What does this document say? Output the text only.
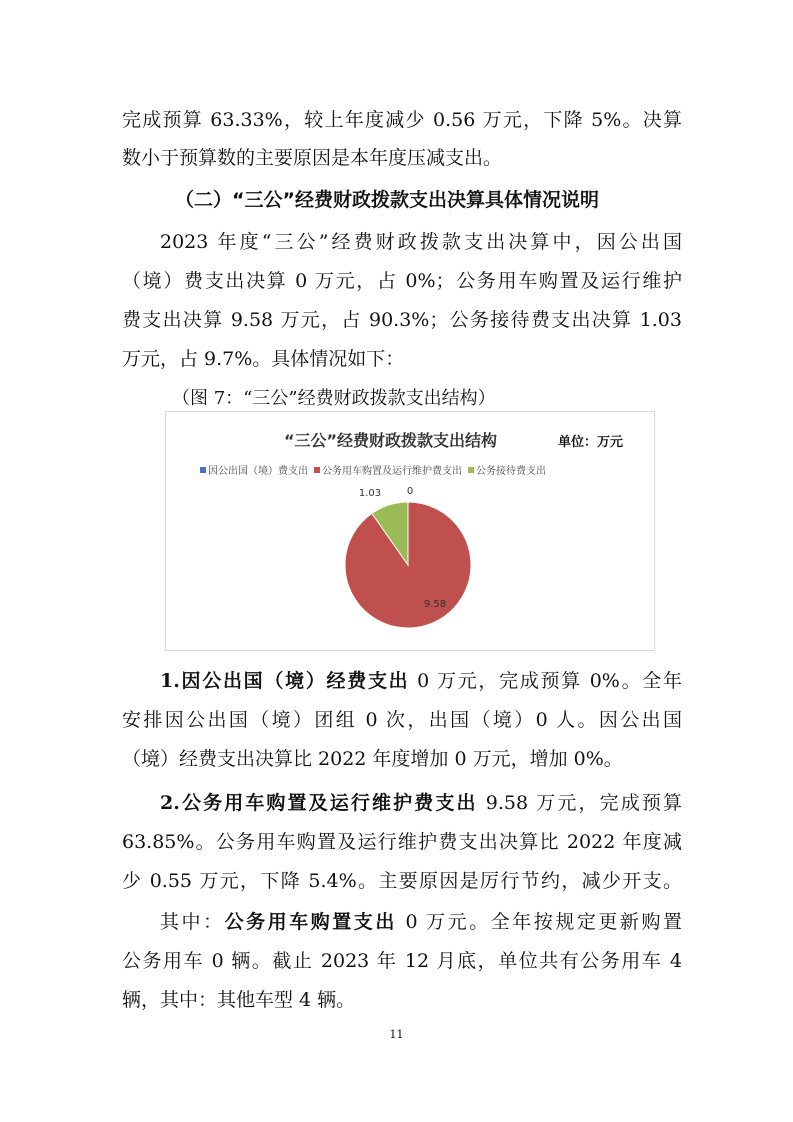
完成预算 63.33%，较上年度减少 0.56 万元，下降 5%。决算
数小于预算数的主要原因是本年度压减支出。
（二）“三公”经费财政拨款支出决算具体情况说明
2023 年度“三公”经费财政拨款支出决算中，因公出国
（境）费支出决算 0 万元，占 0%；公务用车购置及运行维护
费支出决算 9.58 万元，占 90.3%；公务接待费支出决算 1.03
万元，占 9.7%。具体情况如下：
（图 7：“三公”经费财政拨款支出结构）
“三公”经费财政拨款支出结构	单位：万元
因公出国（境）费支出 公务用车购置及运行维护费支出 公务接待费支出
0
9.58
1.03
1.因公出国（境）经费支出 0 万元，完成预算 0%。全年
安排因公出国（境）团组 0 次，出国（境）0 人。因公出国
（境）经费支出决算比 2022 年度增加 0 万元，增加 0%。
2.公务用车购置及运行维护费支出 9.58 万元，完成预算
63.85%。公务用车购置及运行维护费支出决算比 2022 年度减
少 0.55 万元，下降 5.4%。主要原因是厉行节约，减少开支。
其中：公务用车购置支出 0 万元。全年按规定更新购置
公务用车 0 辆。截止 2023 年 12 月底，单位共有公务用车 4
辆，其中：其他车型 4 辆。
11
